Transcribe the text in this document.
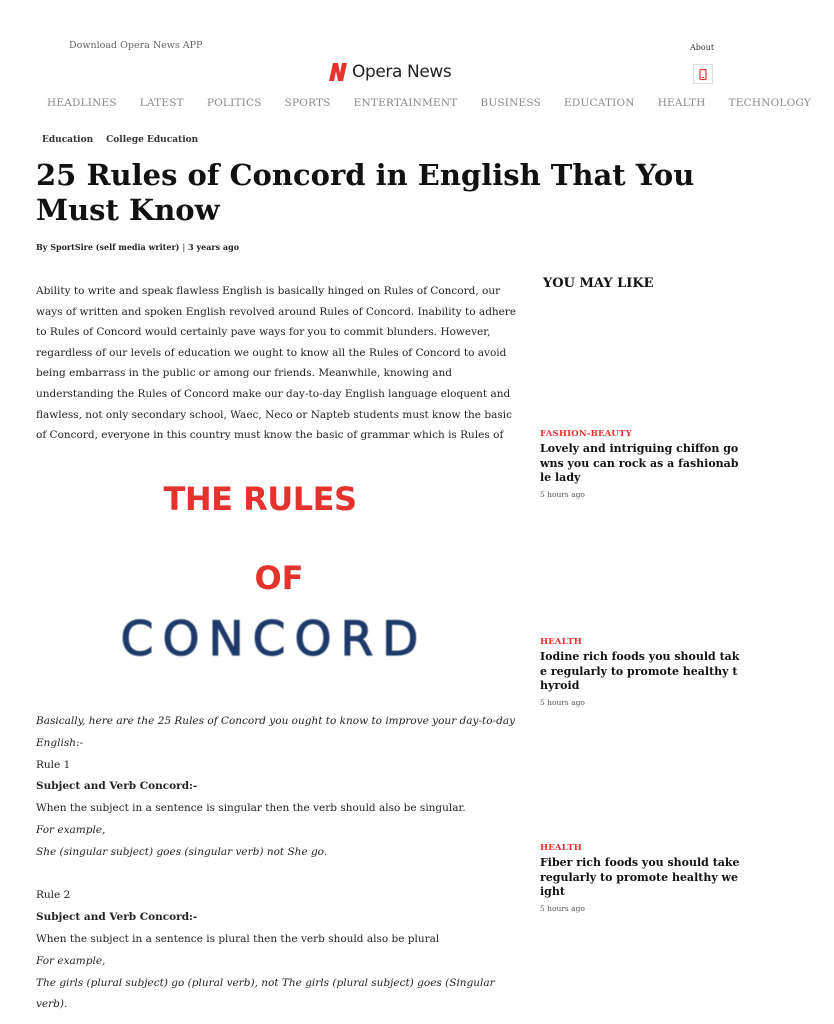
Download Opera News APP	About
Opera News
HEADLINES LATEST POLITICS SPORTS ENTERTAINMENT BUSINESS EDUCATION HEALTH TECHNOLOGY
Education College Education
25 Rules of Concord in English That You Must Know
By SportSire (self media writer) | 3 years ago

Ability to write and speak flawless English is basically hinged on Rules of Concord, our ways of written and spoken English revolved around Rules of Concord. Inability to adhere to Rules of Concord would certainly pave ways for you to commit blunders. However, regardless of our levels of education we ought to know all the Rules of Concord to avoid being embarrass in the public or among our friends. Meanwhile, knowing and understanding the Rules of Concord make our day-to-day English language eloquent and flawless, not only secondary school, Waec, Neco or Napteb students must know the basic of Concord, everyone in this country must know the basic of grammar which is Rules of

THE RULES
OF
CONCORD

Basically, here are the 25 Rules of Concord you ought to know to improve your day-to-day English:-

Rule 1

Subject and Verb Concord:-

When the subject in a sentence is singular then the verb should also be singular.

For example,

She (singular subject) goes (singular verb) not She go.

Rule 2

Subject and Verb Concord:-

When the subject in a sentence is plural then the verb should also be plural

For example,

The girls (plural subject) go (plural verb), not The girls (plural subject) goes (Singular verb).

YOU MAY LIKE
FASHION-BEAUTY
Lovely and intriguing chiffon gowns you can rock as a fashionable lady
5 hours ago
HEALTH
Iodine rich foods you should take regularly to promote healthy thyroid
5 hours ago
HEALTH
Fiber rich foods you should take regularly to promote healthy weight
5 hours ago
